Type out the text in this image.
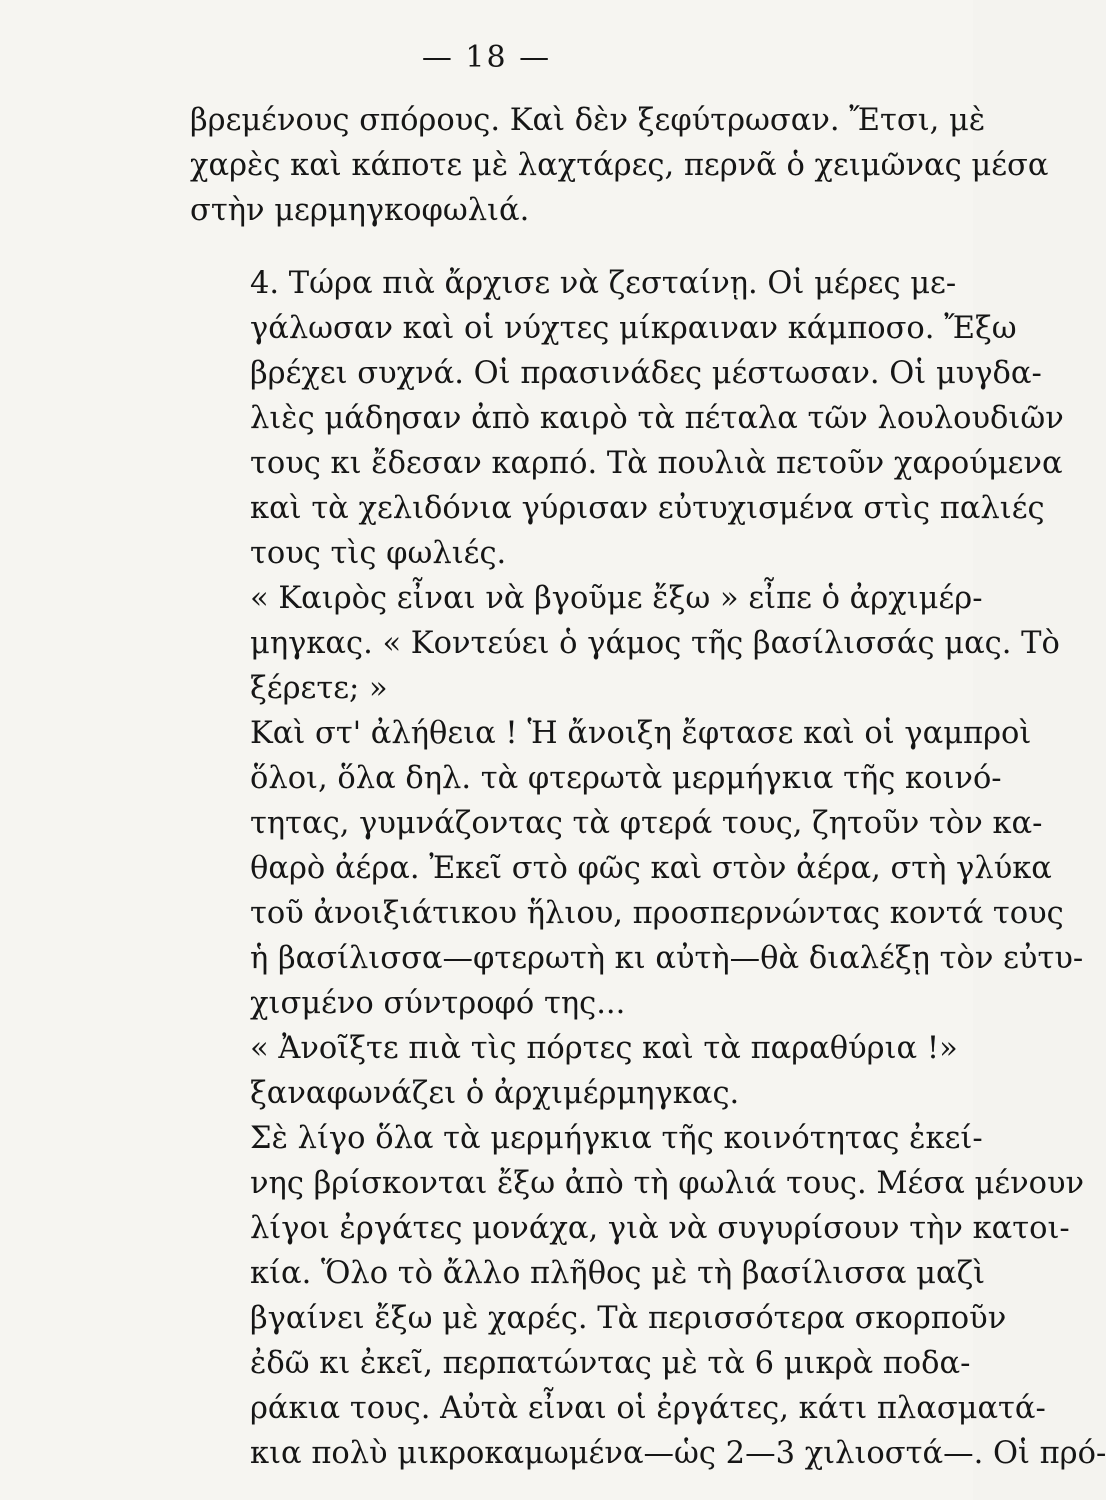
— 18 —

βρεμένους σπόρους. Καὶ δὲν ξεφύτρωσαν. Ἔτσι, μὲ
χαρὲς καὶ κάποτε μὲ λαχτάρες, περνᾶ ὁ χειμῶνας μέσα
στὴν μερμηγκοφωλιά.

4. Τώρα πιὰ ἄρχισε νὰ ζεσταίνῃ. Οἱ μέρες με-
γάλωσαν καὶ οἱ νύχτες μίκραιναν κάμποσο. Ἔξω
βρέχει συχνά. Οἱ πρασινάδες μέστωσαν. Οἱ μυγδα-
λιὲς μάδησαν ἀπὸ καιρὸ τὰ πέταλα τῶν λουλουδιῶν
τους κι ἔδεσαν καρπό. Τὰ πουλιὰ πετοῦν χαρούμενα
καὶ τὰ χελιδόνια γύρισαν εὐτυχισμένα στὶς παλιές
τους τὶς φωλιές.

« Καιρὸς εἶναι νὰ βγοῦμε ἔξω » εἶπε ὁ ἀρχιμέρ-
μηγκας. « Κοντεύει ὁ γάμος τῆς βασίλισσάς μας. Τὸ
ξέρετε; »

Καὶ στ' ἀλήθεια ! Ἡ ἄνοιξη ἔφτασε καὶ οἱ γαμπροὶ
ὅλοι, ὅλα δηλ. τὰ φτερωτὰ μερμήγκια τῆς κοινό-
τητας, γυμνάζοντας τὰ φτερά τους, ζητοῦν τὸν κα-
θαρὸ ἀέρα. Ἐκεῖ στὸ φῶς καὶ στὸν ἀέρα, στὴ γλύκα
τοῦ ἀνοιξιάτικου ἥλιου, προσπερνώντας κοντά τους
ἡ βασίλισσα—φτερωτὴ κι αὐτὴ—θὰ διαλέξῃ τὸν εὐτυ-
χισμένο σύντροφό της...

« Ἀνοῖξτε πιὰ τὶς πόρτες καὶ τὰ παραθύρια !»
ξαναφωνάζει ὁ ἀρχιμέρμηγκας.

Σὲ λίγο ὅλα τὰ μερμήγκια τῆς κοινότητας ἐκεί-
νης βρίσκονται ἔξω ἀπὸ τὴ φωλιά τους. Μέσα μένουν
λίγοι ἐργάτες μονάχα, γιὰ νὰ συγυρίσουν τὴν κατοι-
κία. Ὅλο τὸ ἄλλο πλῆθος μὲ τὴ βασίλισσα μαζὶ
βγαίνει ἔξω μὲ χαρές. Τὰ περισσότερα σκορποῦν
ἐδῶ κι ἐκεῖ, περπατώντας μὲ τὰ 6 μικρὰ ποδα-
ράκια τους. Αὐτὰ εἶναι οἱ ἐργάτες, κάτι πλασματά-
κια πολὺ μικροκαμωμένα—ὡς 2—3 χιλιοστά—. Οἱ πρό-
